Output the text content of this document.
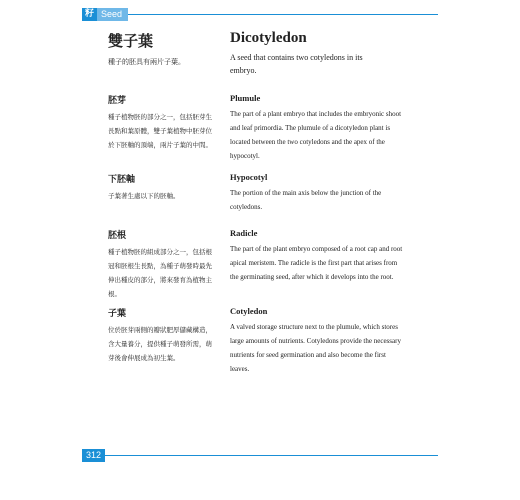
籽 Seed

雙子葉

種子的胚具有兩片子葉。

Dicotyledon

A seed that contains two cotyledons in its embryo.

胚芽

種子植物胚的部分之一，包括胚芽生長點和葉原體，雙子葉植物中胚芽位於下胚軸的頂端，兩片子葉的中間。

Plumule

The part of a plant embryo that includes the embryonic shoot and leaf primordia. The plumule of a dicotyledon plant is located between the two cotyledons and the apex of the hypocotyl.

下胚軸

子葉著生處以下的胚軸。

Hypocotyl

The portion of the main axis below the junction of the cotyledons.

胚根

種子植物胚的組成部分之一，包括根冠和胚根生長點，為種子萌發時最先伸出種皮的部分，將來發育為植物主根。

Radicle

The part of the plant embryo composed of a root cap and root apical meristem. The radicle is the first part that arises from the germinating seed, after which it develops into the root.

子葉

位於胚芽兩側的瓣狀肥厚儲藏構造，含大量養分，提供種子萌發所需，萌芽後會伸展成為初生葉。

Cotyledon

A valved storage structure next to the plumule, which stores large amounts of nutrients. Cotyledons provide the necessary nutrients for seed germination and also become the first leaves.

312
